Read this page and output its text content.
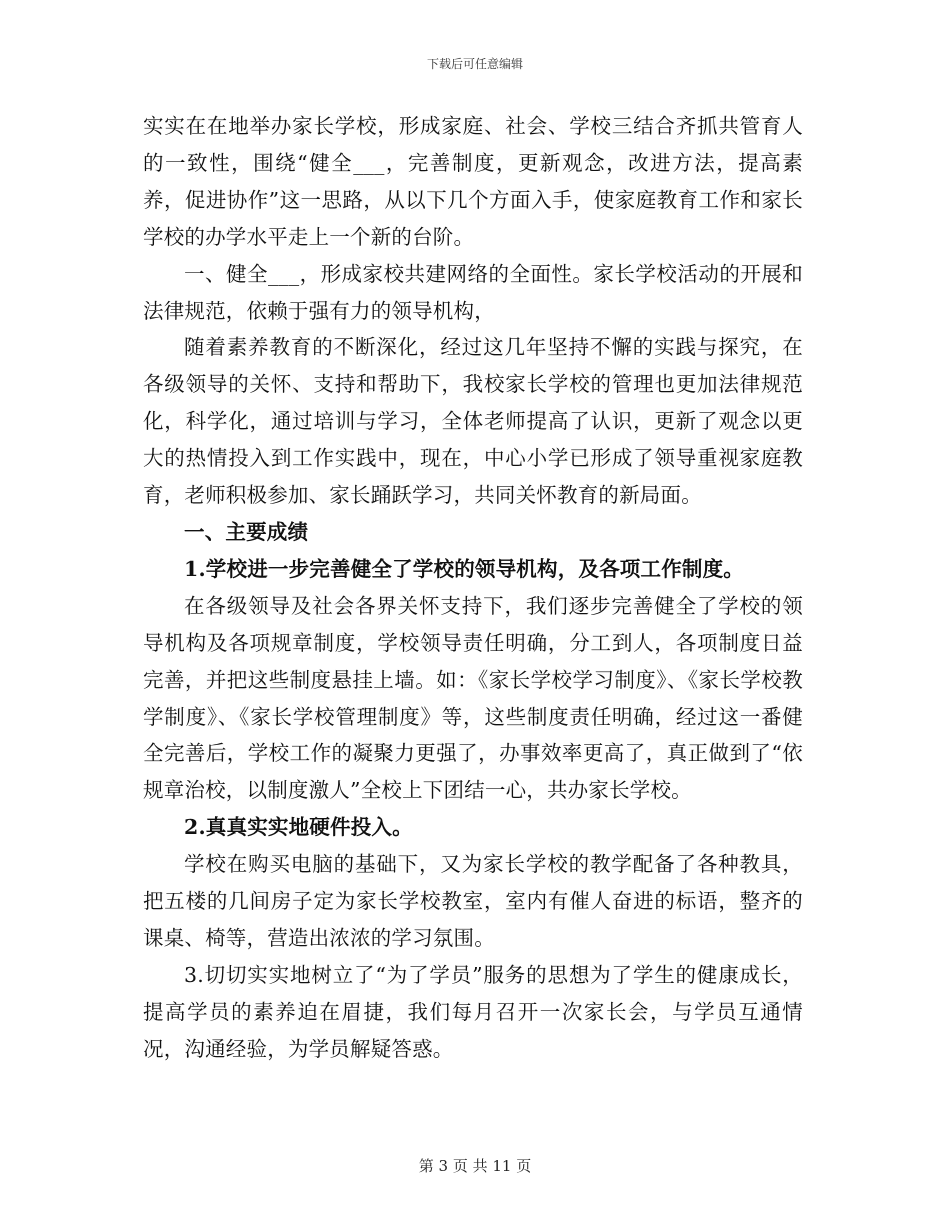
下载后可任意编辑

实实在在地举办家长学校，形成家庭、社会、学校三结合齐抓共管育人的一致性，围绕“健全___，完善制度，更新观念，改进方法，提高素养，促进协作”这一思路，从以下几个方面入手，使家庭教育工作和家长学校的办学水平走上一个新的台阶。

一、健全___，形成家校共建网络的全面性。家长学校活动的开展和法律规范，依赖于强有力的领导机构，

随着素养教育的不断深化，经过这几年坚持不懈的实践与探究，在各级领导的关怀、支持和帮助下，我校家长学校的管理也更加法律规范化，科学化，通过培训与学习，全体老师提高了认识，更新了观念以更大的热情投入到工作实践中，现在，中心小学已形成了领导重视家庭教育，老师积极参加、家长踊跃学习，共同关怀教育的新局面。

一、主要成绩

1.学校进一步完善健全了学校的领导机构，及各项工作制度。

在各级领导及社会各界关怀支持下，我们逐步完善健全了学校的领导机构及各项规章制度，学校领导责任明确，分工到人，各项制度日益完善，并把这些制度悬挂上墙。如：《家长学校学习制度》、《家长学校教学制度》、《家长学校管理制度》等，这些制度责任明确，经过这一番健全完善后，学校工作的凝聚力更强了，办事效率更高了，真正做到了“依规章治校，以制度激人”全校上下团结一心，共办家长学校。

2.真真实实地硬件投入。

学校在购买电脑的基础下，又为家长学校的教学配备了各种教具，把五楼的几间房子定为家长学校教室，室内有催人奋进的标语，整齐的课桌、椅等，营造出浓浓的学习氛围。

3.切切实实地树立了“为了学员”服务的思想为了学生的健康成长，提高学员的素养迫在眉捷，我们每月召开一次家长会，与学员互通情况，沟通经验，为学员解疑答惑。

第 3 页 共 11 页
